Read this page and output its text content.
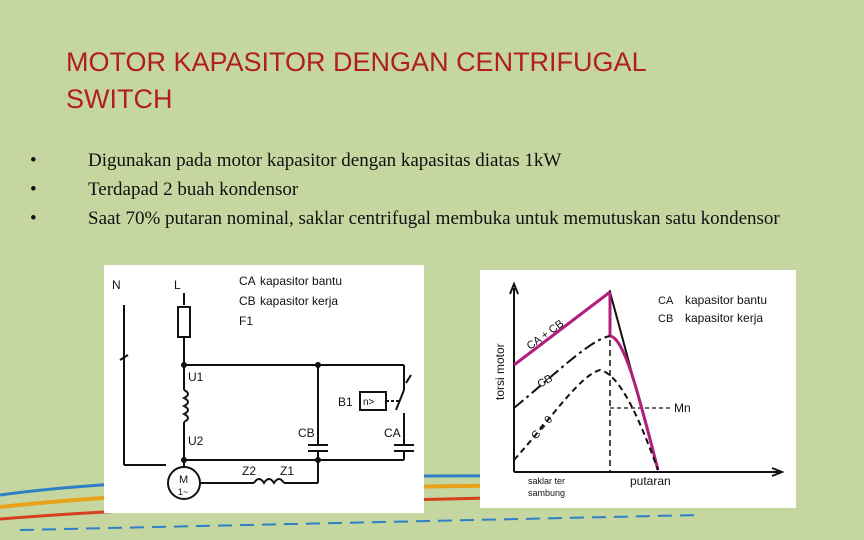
MOTOR KAPASITOR DENGAN CENTRIFUGAL
SWITCH
•	Digunakan pada motor kapasitor dengan kapasitas diatas 1kW
•	Terdapad 2 buah kondensor
•	Saat 70% putaran nominal, saklar centrifugal membuka untuk memutuskan satu kondensor
N	L	CA
CB
F1
kapasitor bantu
kapasitor kerja
U1
U2
B1 n>
CB	CA
Z2 Z1
M
1~
torsi motor
putaran
saklar ter
sambung
CA
CB
kapasitor bantu
kapasitor kerja
CA + CB
CB
C = 0
Mn
